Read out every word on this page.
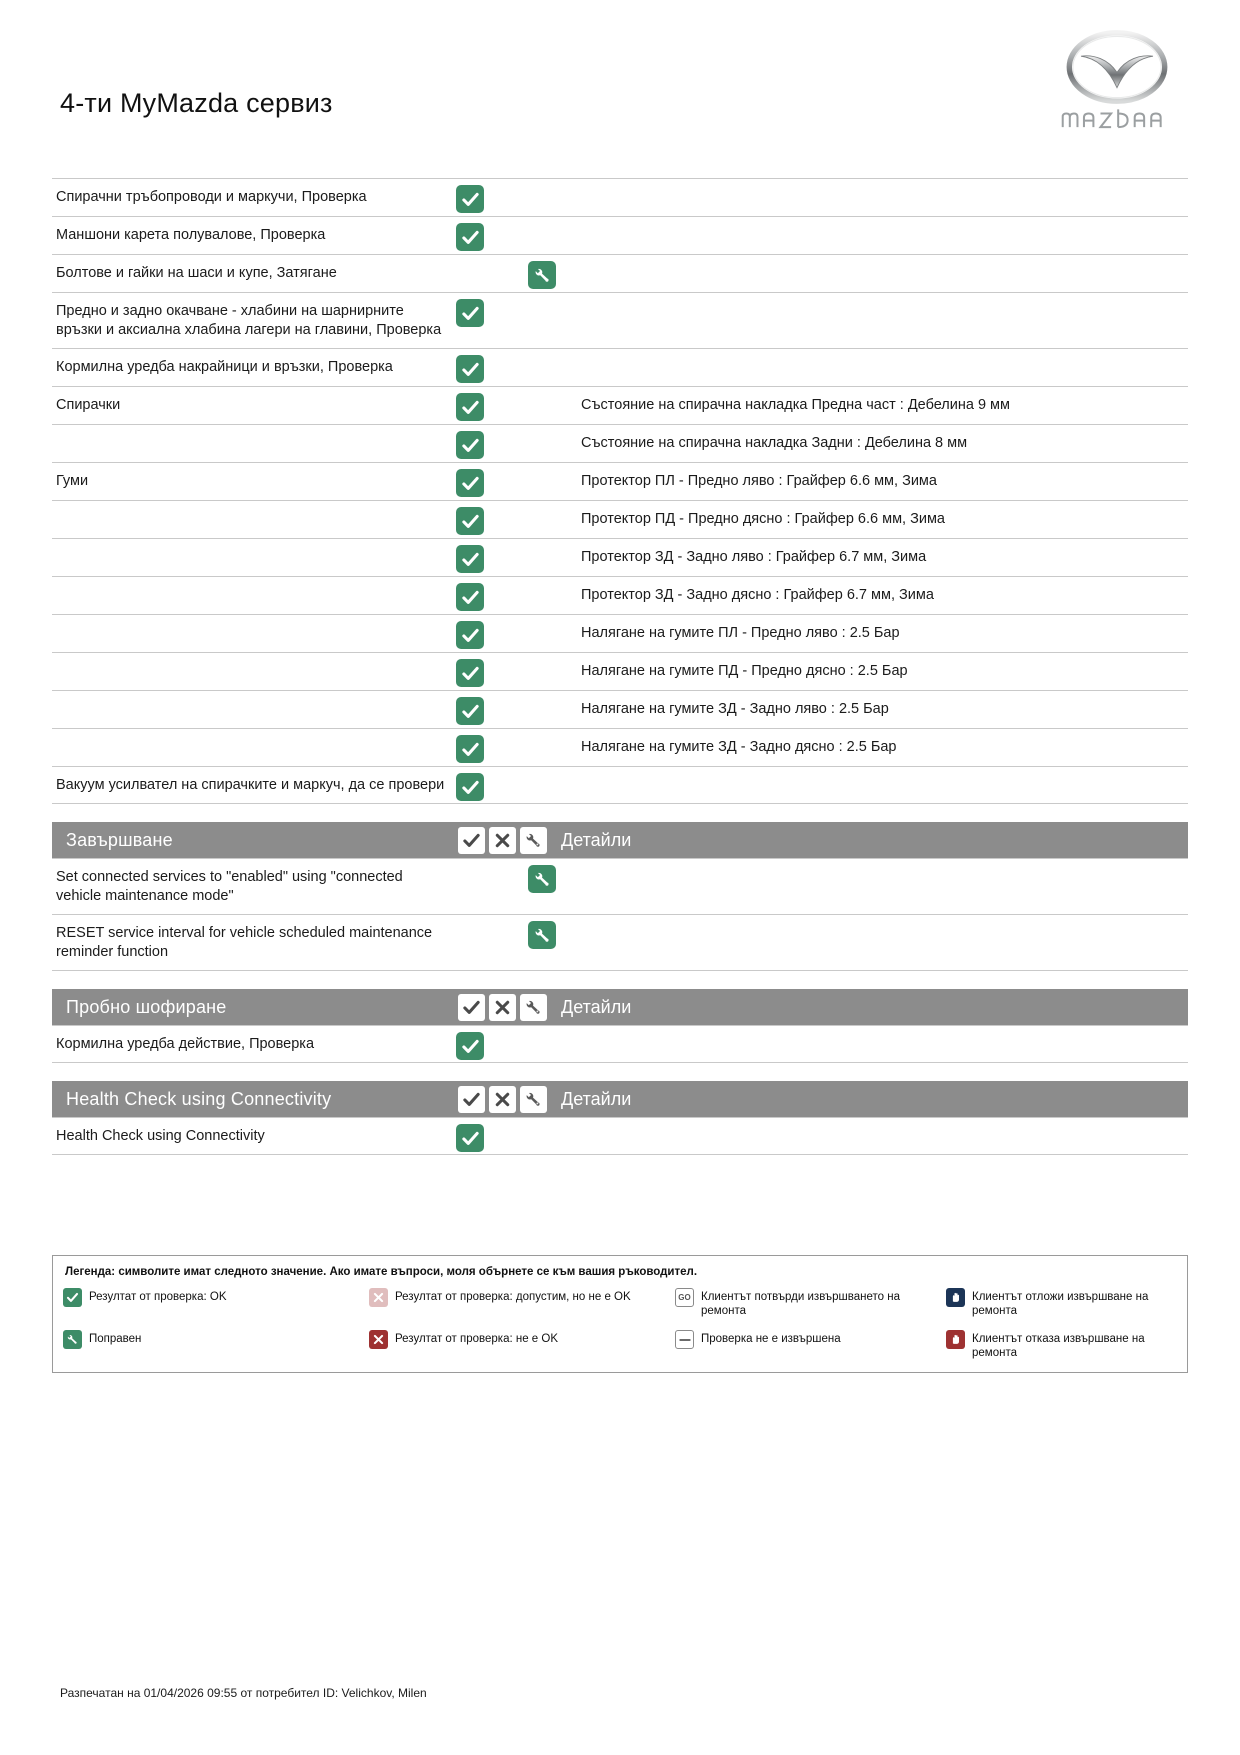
4-ти MyMazda сервиз
Спирачни тръбопроводи и маркучи, Проверка
Маншони карета полувалове, Проверка
Болтове и гайки на шаси и купе, Затягане
Предно и задно окачване - хлабини на шарнирните връзки и аксиална хлабина лагери на главини, Проверка
Кормилна уредба накрайници и връзки, Проверка
Спирачки	Състояние на спирачна накладка Предна част : Дебелина 9 мм
Състояние на спирачна накладка Задни : Дебелина 8 мм
Гуми	Протектор ПЛ - Предно ляво : Грайфер 6.6 мм, Зима
Протектор ПД - Предно дясно : Грайфер 6.6 мм, Зима
Протектор ЗД - Задно ляво : Грайфер 6.7 мм, Зима
Протектор ЗД - Задно дясно : Грайфер 6.7 мм, Зима
Налягане на гумите ПЛ - Предно ляво : 2.5 Бар
Налягане на гумите ПД - Предно дясно : 2.5 Бар
Налягане на гумите ЗД - Задно ляво : 2.5 Бар
Налягане на гумите ЗД - Задно дясно : 2.5 Бар
Вакуум усилвател на спирачките и маркуч, да се провери
Завършване	Детайли
Set connected services to "enabled" using "connected vehicle maintenance mode"
RESET service interval for vehicle scheduled maintenance reminder function
Пробно шофиране	Детайли
Кормилна уредба действие, Проверка
Health Check using Connectivity	Детайли
Health Check using Connectivity
Легенда: символите имат следното значение. Ако имате въпроси, моля обърнете се към вашия ръководител.
Резултат от проверка: OK	Резултат от проверка: допустим, но не е OK	GO Клиентът потвърди извършването на ремонта
Клиентът отложи извършване на ремонта
Поправен	Резултат от проверка: не е OK	Проверка не е извършена	Клиентът отказа извършване на ремонта
Разпечатан на 01/04/2026 09:55 от потребител ID: Velichkov, Milen
